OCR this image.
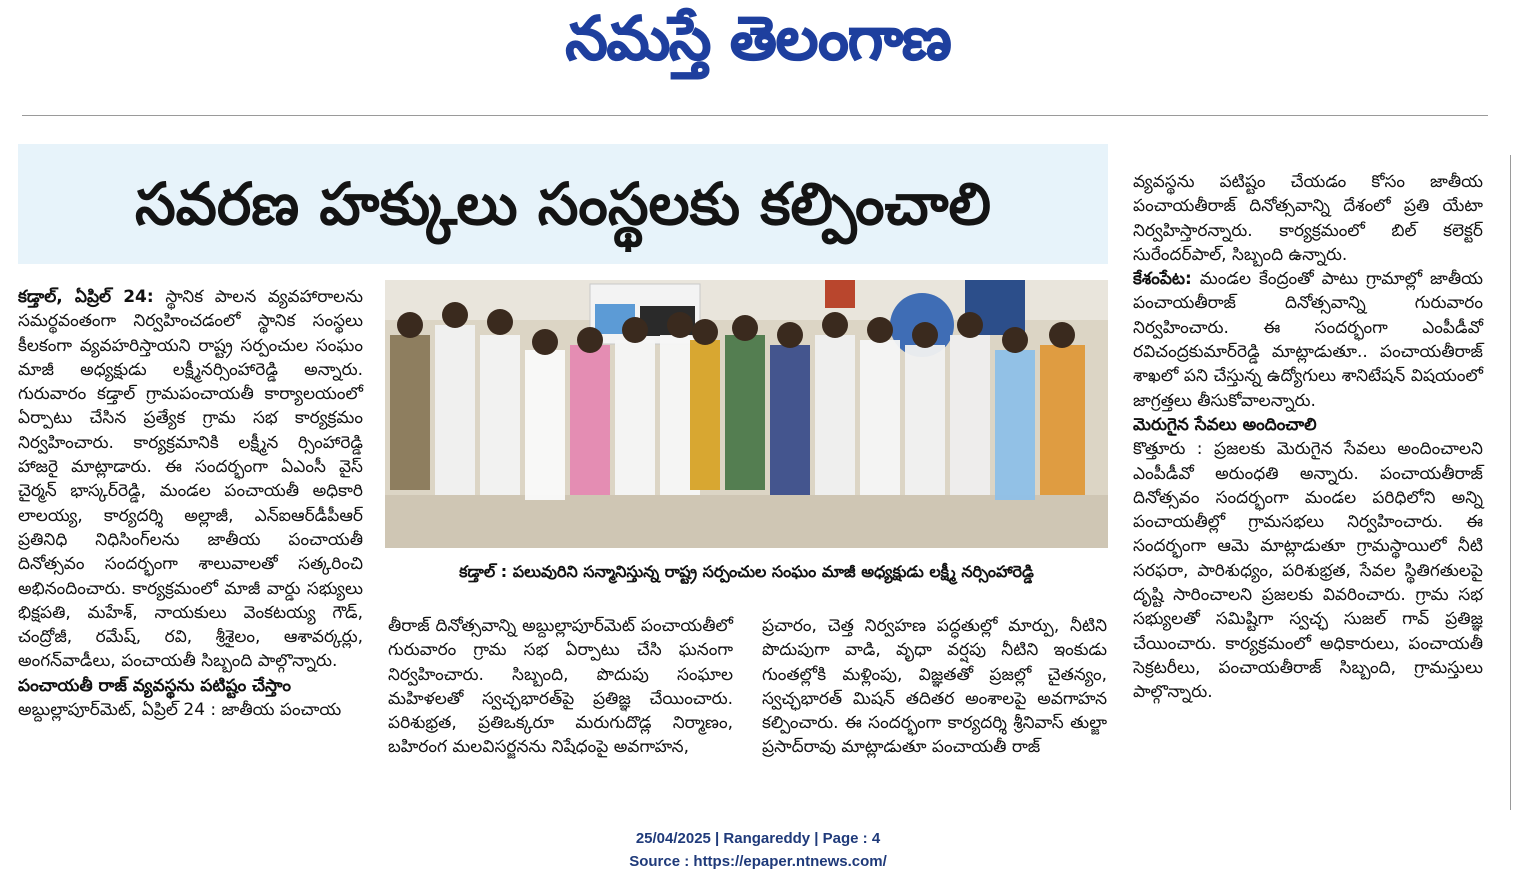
నమస్తే తెలంగాణ
సవరణ హక్కులు సంస్థలకు కల్పించాలి

కడ్తాల్, ఏప్రిల్ 24: స్థానిక పాలన వ్యవహారాలను సమర్థవంతంగా నిర్వహించడంలో స్థానిక సంస్థలు కీలకంగా వ్యవహరిస్తాయని రాష్ట్ర సర్పంచుల సంఘం మాజీ అధ్యక్షుడు లక్ష్మీనర్సింహారెడ్డి అన్నారు. గురువారం కడ్తాల్ గ్రామపంచాయతీ కార్యాలయంలో ఏర్పాటు చేసిన ప్రత్యేక గ్రామ సభ కార్యక్రమం నిర్వహించారు. కార్యక్రమానికి లక్ష్మీన ర్సింహారెడ్డి హాజరై మాట్లాడారు. ఈ సందర్భంగా ఏఎంసీ వైస్ చైర్మన్ భాస్కర్‌రెడ్డి, మండల పంచాయతీ అధికారి లాలయ్య, కార్యదర్శి అల్లాజీ, ఎన్‌ఐఆర్‌డీపీఆర్ ప్రతినిధి నిధిసింగ్‌లను జాతీయ పంచాయతీ దినోత్సవం సందర్భంగా శాలువాలతో సత్కరించి అభినందించారు. కార్యక్రమంలో మాజీ వార్డు సభ్యులు భిక్షపతి, మహేశ్, నాయకులు వెంకటయ్య గౌడ్, చంద్రోజీ, రమేష్, రవి, శ్రీశైలం, ఆశావర్కర్లు, అంగన్‌వాడీలు, పంచాయతీ సిబ్బంది పాల్గొన్నారు.

పంచాయతీ రాజ్ వ్యవస్థను పటిష్టం చేస్తాం

అబ్దుల్లాపూర్‌మెట్, ఏప్రిల్ 24 : జాతీయ పంచాయ

కడ్తాల్ : పలువురిని సన్మానిస్తున్న రాష్ట్ర సర్పంచుల సంఘం మాజీ అధ్యక్షుడు లక్ష్మీ నర్సింహారెడ్డి

తీరాజ్ దినోత్సవాన్ని అబ్దుల్లాపూర్‌మెట్ పంచాయతీలో గురువారం గ్రామ సభ ఏర్పాటు చేసి ఘనంగా నిర్వహించారు. సిబ్బంది, పొదుపు సంఘాల మహిళలతో స్వచ్ఛభారత్‌పై ప్రతిజ్ఞ చేయించారు. పరిశుభ్రత, ప్రతిఒక్కరూ మరుగుదొడ్ల నిర్మాణం, బహిరంగ మలవిసర్జనను నిషేధంపై అవగాహన,

ప్రచారం, చెత్త నిర్వహణ పద్ధతుల్లో మార్పు, నీటిని పొదుపుగా వాడి, వృధా వర్షపు నీటిని ఇంకుడు గుంతల్లోకి మళ్లింపు, విజ్ఞతతో ప్రజల్లో చైతన్యం, స్వచ్ఛభారత్ మిషన్ తదితర అంశాలపై అవగాహన కల్పించారు. ఈ సందర్భంగా కార్యదర్శి శ్రీనివాస్ తుల్జా ప్రసాద్‌రావు మాట్లాడుతూ పంచాయతీ రాజ్

వ్యవస్థను పటిష్టం చేయడం కోసం జాతీయ పంచాయతీరాజ్ దినోత్సవాన్ని దేశంలో ప్రతి యేటా నిర్వహిస్తారన్నారు. కార్యక్రమంలో బిల్ కలెక్టర్ సురేందర్‌పాల్, సిబ్బంది ఉన్నారు.

కేశంపేట: మండల కేంద్రంతో పాటు గ్రామాల్లో జాతీయ పంచాయతీరాజ్ దినోత్సవాన్ని గురువారం నిర్వహించారు. ఈ సందర్భంగా ఎంపీడీవో రవిచంద్రకుమార్‌రెడ్డి మాట్లాడుతూ.. పంచాయతీరాజ్ శాఖలో పని చేస్తున్న ఉద్యోగులు శానిటేషన్ విషయంలో జాగ్రత్తలు తీసుకోవాలన్నారు.

మెరుగైన సేవలు అందించాలి

కొత్తూరు : ప్రజలకు మెరుగైన సేవలు అందించాలని ఎంపీడీవో అరుంధతి అన్నారు. పంచాయతీరాజ్ దినోత్సవం సందర్భంగా మండల పరిధిలోని అన్ని పంచాయతీల్లో గ్రామసభలు నిర్వహించారు. ఈ సందర్భంగా ఆమె మాట్లాడుతూ గ్రామస్థాయిలో నీటి సరఫరా, పారిశుధ్యం, పరిశుభ్రత, సేవల స్థితిగతులపై దృష్టి సారించాలని ప్రజలకు వివరించారు. గ్రామ సభ సభ్యులతో సమిష్టిగా స్వచ్ఛ సుజల్ గావ్ ప్రతిజ్ఞ చేయించారు. కార్యక్రమంలో అధికారులు, పంచాయతీ సెక్రటరీలు, పంచాయతీరాజ్ సిబ్బంది, గ్రామస్తులు పాల్గొన్నారు.

25/04/2025 | Rangareddy | Page : 4
Source : https://epaper.ntnews.com/
